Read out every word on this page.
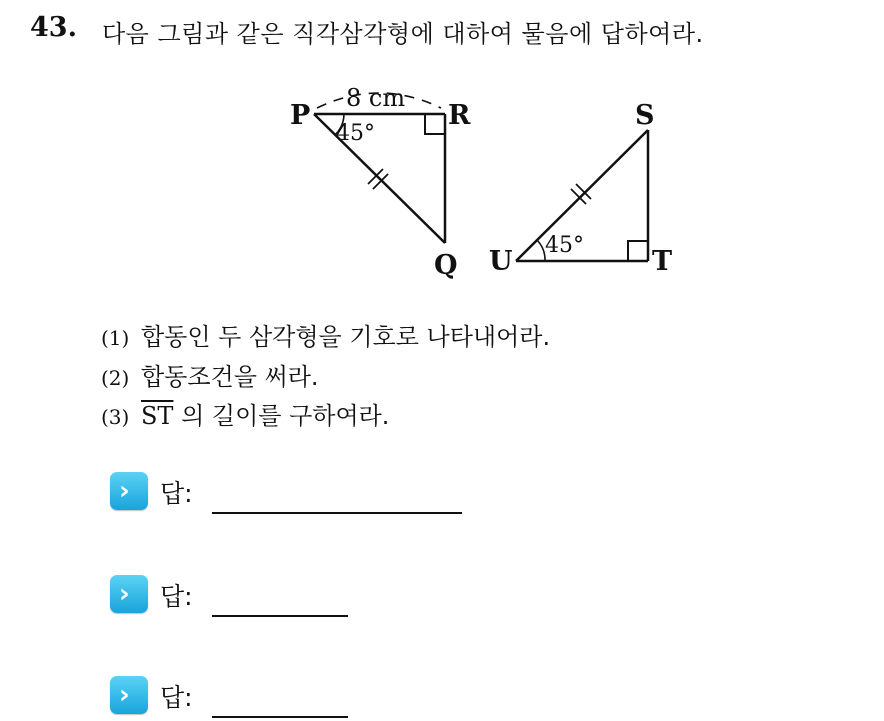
43. 다음 그림과 같은 직각삼각형에 대하여 물음에 답하여라.
P	R
Q
S
T
U
8 cm
45°
45°
(1) 합동인 두 삼각형을 기호로 나타내어라.
(2) 합동조건을 써라.
(3) $\overline{ST}$ 의 길이를 구하여라.
› 답:
› 답:
› 답:
